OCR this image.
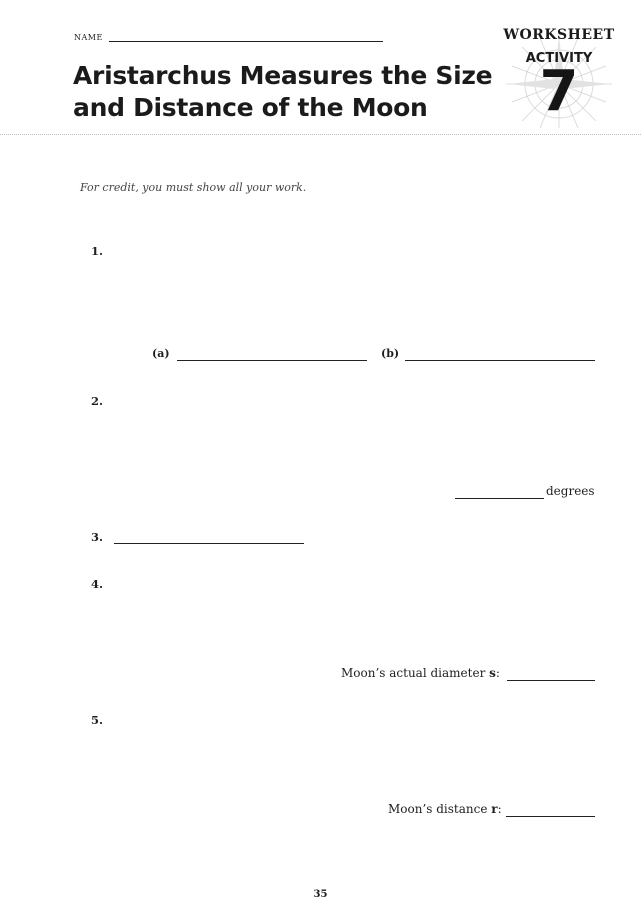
NAME
Aristarchus Measures the Size
and Distance of the Moon
WORKSHEET
ACTIVITY
7
For credit, you must show all your work.
1.
(a)	(b)
2.
degrees
3.
4.
Moon’s actual diameter s:
5.
Moon’s distance r:
35
